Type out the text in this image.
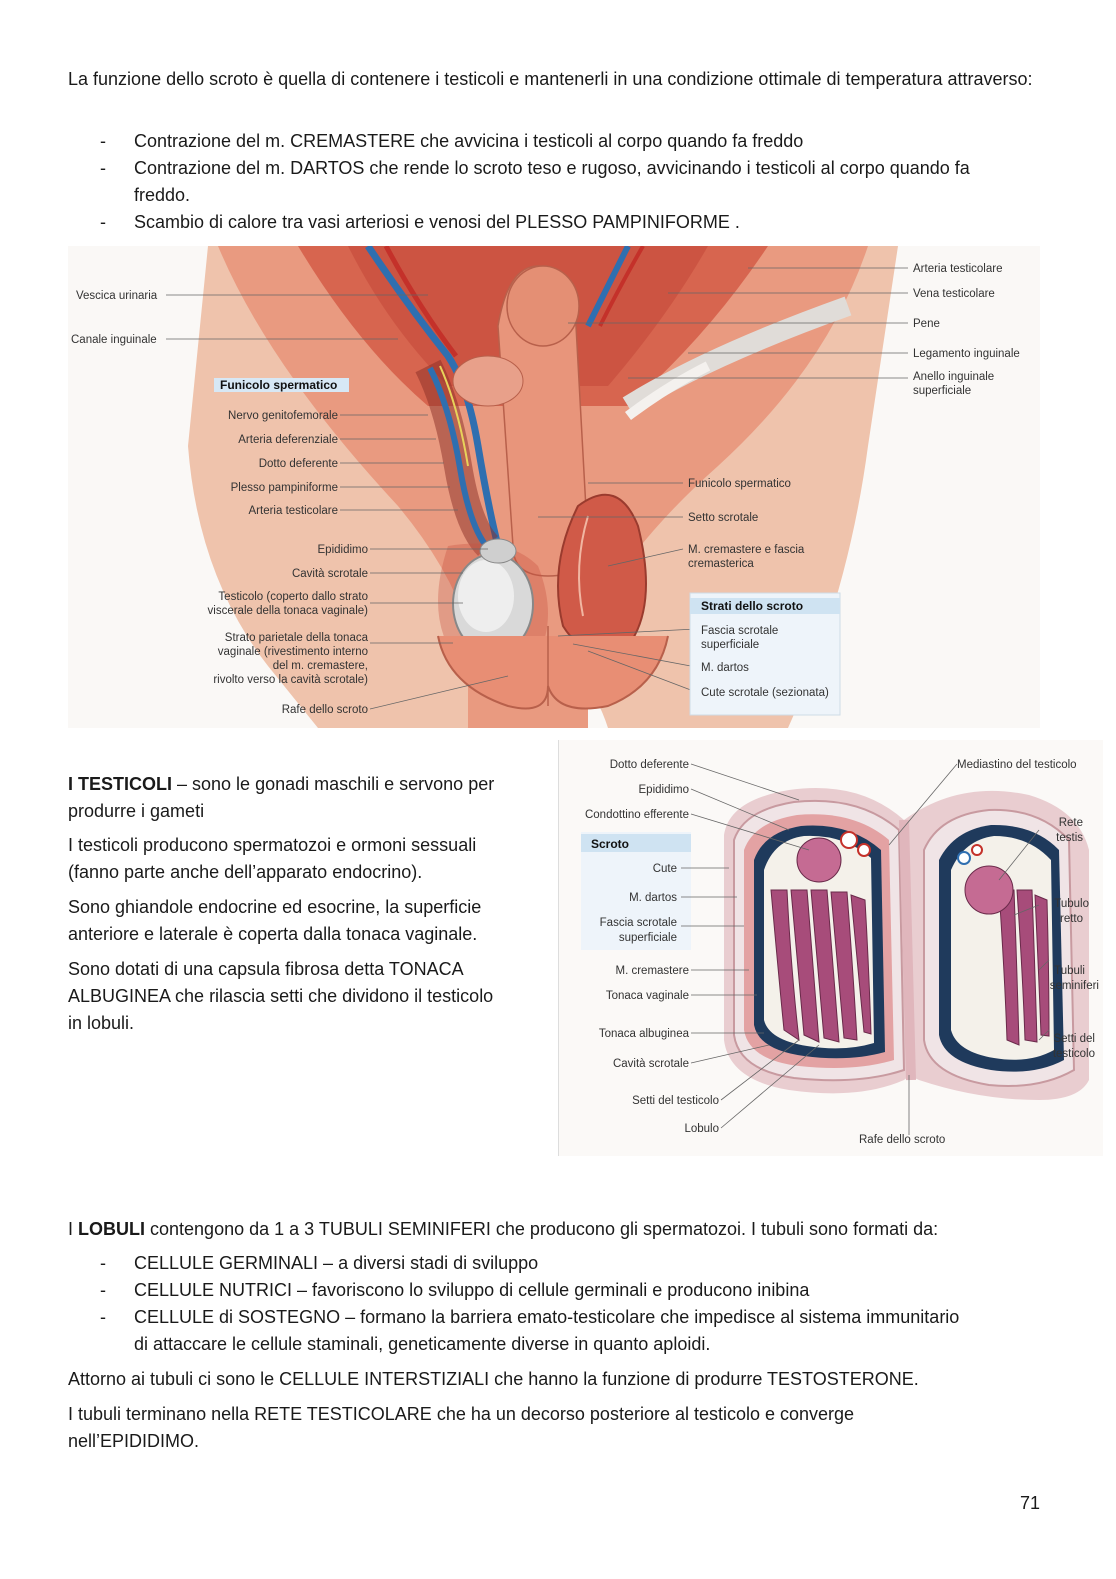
La funzione dello scroto è quella di contenere i testicoli e mantenerli in una condizione ottimale di temperatura attraverso:

- Contrazione del m. CREMASTERE che avvicina i testicoli al corpo quando fa freddo
- Contrazione del m. DARTOS che rende lo scroto teso e rugoso, avvicinando i testicoli al corpo quando fa freddo.
- Scambio di calore tra vasi arteriosi e venosi del PLESSO PAMPINIFORME .
Funicolo spermatico
Vescica urinaria
Canale inguinale
Nervo genitofemorale
Arteria deferenziale
Dotto deferente
Plesso pampiniforme
Arteria testicolare
Epididimo
Cavità scrotale
Testicolo (coperto dallo strato
viscerale della tonaca vaginale)
Strato parietale della tonaca
vaginale (rivestimento interno
del m. cremastere,
rivolto verso la cavità scrotale)
Rafe dello scroto
Arteria testicolare
Vena testicolare
Pene
Legamento inguinale
Anello inguinale
superficiale
Funicolo spermatico
Setto scrotale
M. cremastere e fascia
cremasterica
Strati dello scroto
Fascia scrotale
superficiale
M. dartos
Cute scrotale (sezionata)

I TESTICOLI – sono le gonadi maschili e servono per

produrre i gameti

I testicoli producono spermatozoi e ormoni sessuali

(fanno parte anche dell’apparato endocrino).

Sono ghiandole endocrine ed esocrine, la superficie

anteriore e laterale è coperta dalla tonaca vaginale.

Sono dotati di una capsula fibrosa detta TONACA

ALBUGINEA che rilascia setti che dividono il testicolo

in lobuli.

Scroto
Dotto deferente
Epididimo
Condottino efferente
Cute
M. dartos
Fascia scrotale
superficiale
M. cremastere
Tonaca vaginale
Tonaca albuginea
Cavità scrotale
Setti del testicolo
Lobulo
Mediastino del testicolo
Rete
testis
Tubulo
retto
Tubuli
seminiferi
Setti del
testicolo
Rafe dello scroto

I LOBULI contengono da 1 a 3 TUBULI SEMINIFERI che producono gli spermatozoi. I tubuli sono formati da:

- CELLULE GERMINALI – a diversi stadi di sviluppo
- CELLULE NUTRICI – favoriscono lo sviluppo di cellule germinali e producono inibina
- CELLULE di SOSTEGNO – formano la barriera emato-testicolare che impedisce al sistema immunitario
di attaccare le cellule staminali, geneticamente diverse in quanto aploidi.

Attorno ai tubuli ci sono le CELLULE INTERSTIZIALI che hanno la funzione di produrre TESTOSTERONE.

I tubuli terminano nella RETE TESTICOLARE che ha un decorso posteriore al testicolo e converge

nell’EPIDIDIMO.

71
